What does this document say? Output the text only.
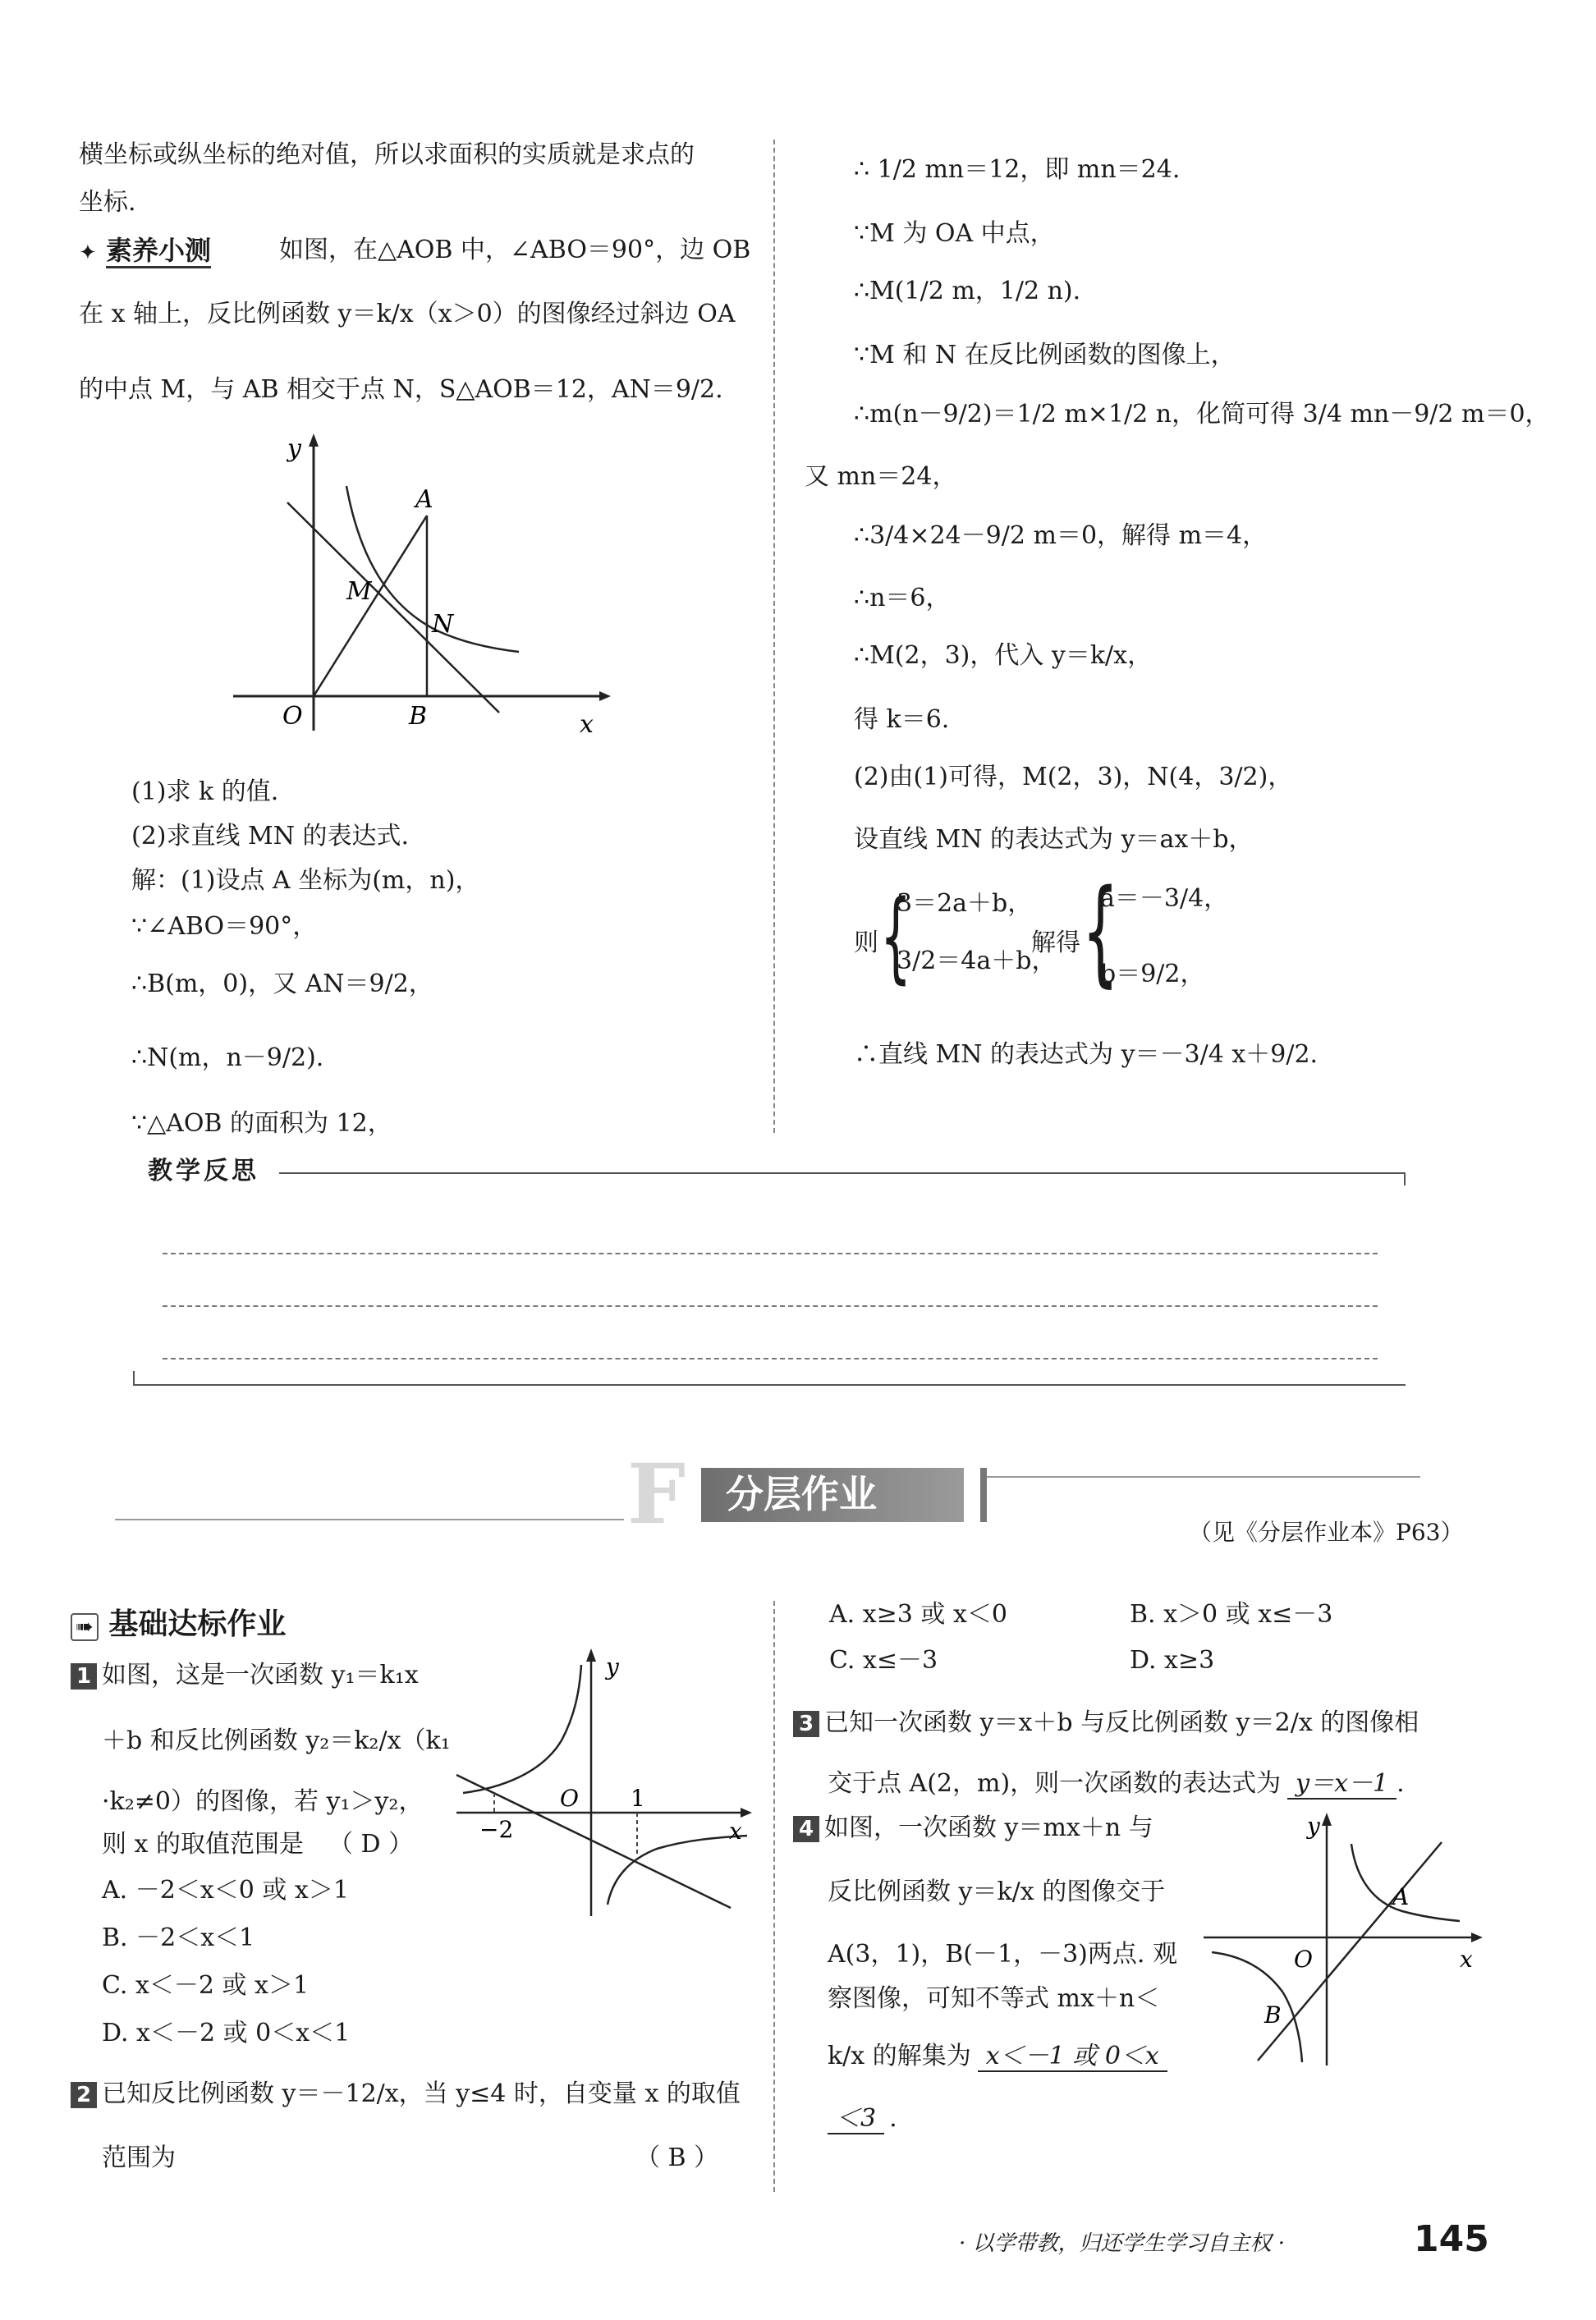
横坐标或纵坐标的绝对值，所以求面积的实质就是求点的
坐标.
✦ 素养小测	如图，在△AOB 中，∠ABO＝90°，边 OB
在 x 轴上，反比例函数 y＝k/x（x＞0）的图像经过斜边 OA
的中点 M，与 AB 相交于点 N，S△AOB＝12，AN＝9/2.
y
x
O	B
A
M
N
(1)求 k 的值.
(2)求直线 MN 的表达式.
解：(1)设点 A 坐标为(m，n)，
∵∠ABO＝90°，
∴B(m，0)，又 AN＝9/2，
∴N(m，n－9/2).
∵△AOB 的面积为 12，
∴ 1/2 mn＝12，即 mn＝24.
∵M 为 OA 中点，
∴M(1/2 m，1/2 n).
∵M 和 N 在反比例函数的图像上，
∴m(n－9/2)＝1/2 m×1/2 n，化简可得 3/4 mn－9/2 m＝0，
又 mn＝24，
∴3/4×24－9/2 m＝0，解得 m＝4，
∴n＝6，
∴M(2，3)，代入 y＝k/x，
得 k＝6.
(2)由(1)可得，M(2，3)，N(4，3/2)，
设直线 MN 的表达式为 y＝ax＋b，
则 {
3＝2a＋b，
3/2＝4a＋b，
解得 {
a＝－3/4，
b＝9/2，
∴直线 MN 的表达式为 y＝－3/4 x＋9/2.
教学反思
F 分层作业
（见《分层作业本》P63）
➠ 基础达标作业
1 如图，这是一次函数 y₁＝k₁x
＋b 和反比例函数 y₂＝k₂/x（k₁
·k₂≠0）的图像，若 y₁＞y₂，
则 x 的取值范围是 （ D ）
A. －2＜x＜0 或 x＞1
B. －2＜x＜1
C. x＜－2 或 x＞1
D. x＜－2 或 0＜x＜1
y
x
O
−2
1
2 已知反比例函数 y＝－12/x，当 y≤4 时，自变量 x 的取值
范围为	（ B ）
A. x≥3 或 x＜0	B. x＞0 或 x≤－3
C. x≤－3	D. x≥3
3 已知一次函数 y＝x＋b 与反比例函数 y＝2/x 的图像相
交于点 A(2，m)，则一次函数的表达式为 y＝x－1 .
4 如图，一次函数 y＝mx＋n 与
反比例函数 y＝k/x 的图像交于
A(3，1)，B(－1，－3)两点. 观
察图像，可知不等式 mx＋n＜
k/x 的解集为 x＜－1 或 0＜x
＜3 .
y
x
O
A
B
· 以学带教，归还学生学习自主权 ·	145
